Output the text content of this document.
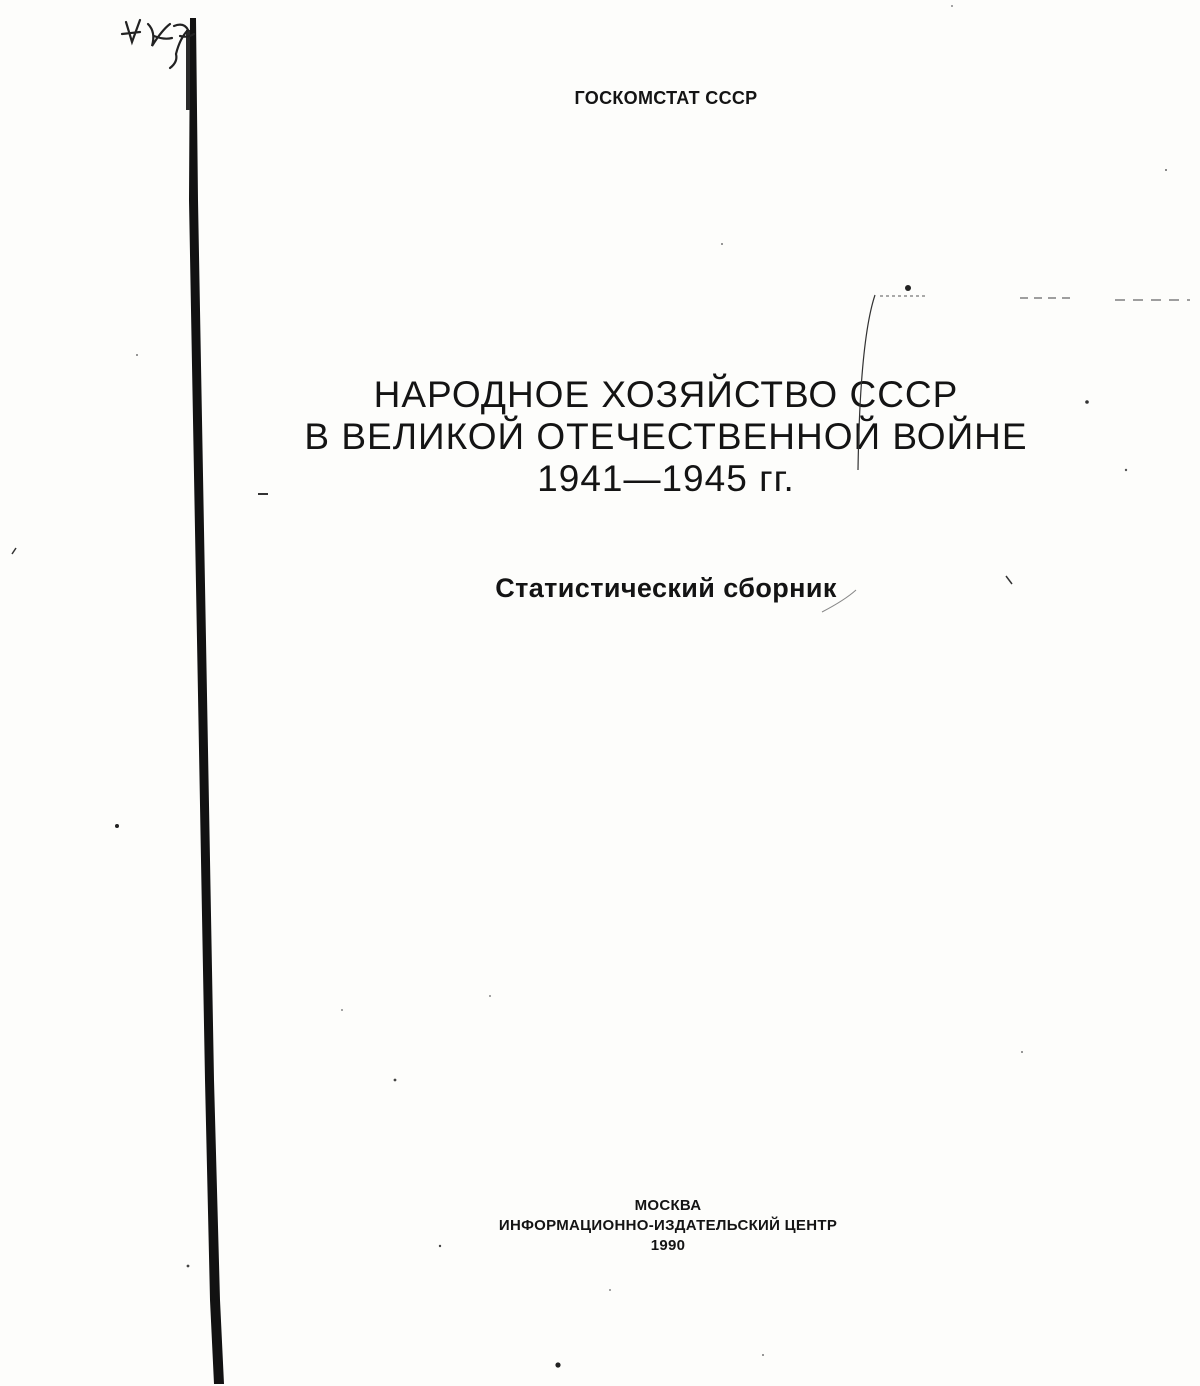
ГОСКОМСТАТ СССР
НАРОДНОЕ ХОЗЯЙСТВО СССР
В ВЕЛИКОЙ ОТЕЧЕСТВЕННОЙ ВОЙНЕ
1941—1945 гг.
Статистический сборник
МОСКВА
ИНФОРМАЦИОННО-ИЗДАТЕЛЬСКИЙ ЦЕНТР
1990
